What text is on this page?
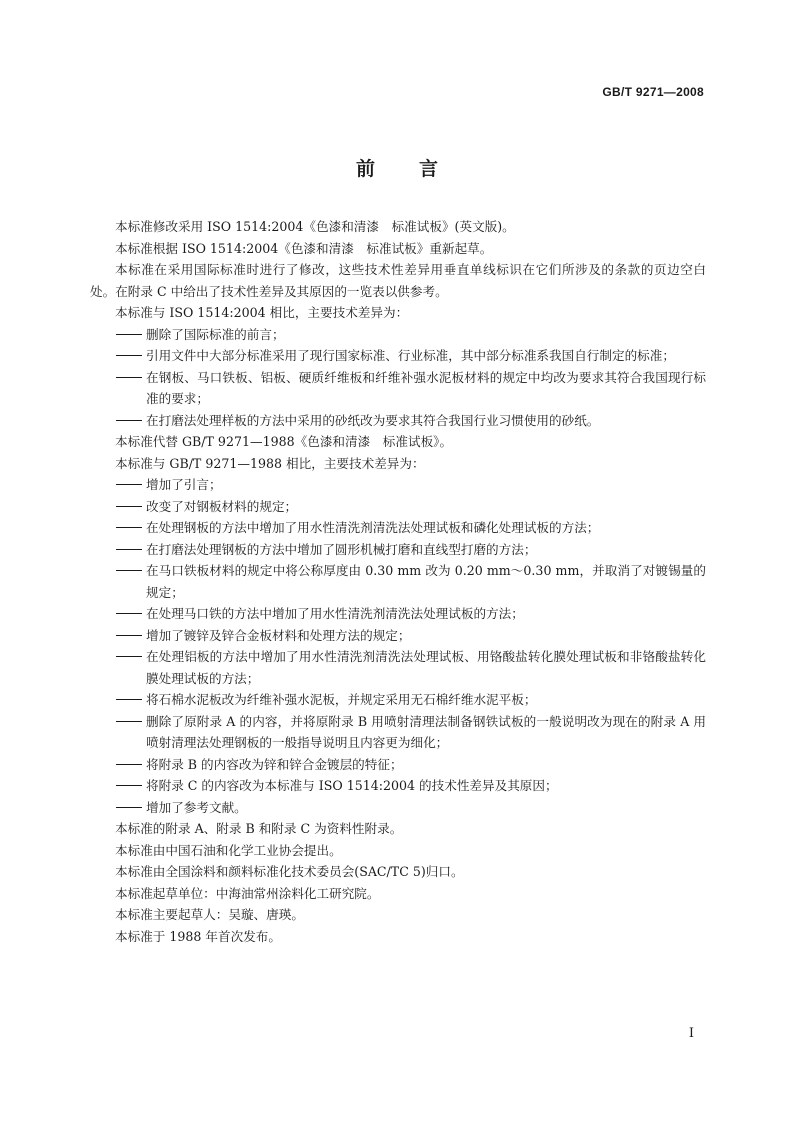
GB/T 9271—2008
前 言

本标准修改采用 ISO 1514:2004《色漆和清漆　标准试板》(英文版)。

本标准根据 ISO 1514:2004《色漆和清漆　标准试板》重新起草。

本标准在采用国际标准时进行了修改，这些技术性差异用垂直单线标识在它们所涉及的条款的页边空白处。在附录 C 中给出了技术性差异及其原因的一览表以供参考。

本标准与 ISO 1514:2004 相比，主要技术差异为：

删除了国际标准的前言；

引用文件中大部分标准采用了现行国家标准、行业标准，其中部分标准系我国自行制定的标准；

在钢板、马口铁板、铝板、硬质纤维板和纤维补强水泥板材料的规定中均改为要求其符合我国现行标准的要求；

在打磨法处理样板的方法中采用的砂纸改为要求其符合我国行业习惯使用的砂纸。

本标准代替 GB/T 9271—1988《色漆和清漆　标准试板》。

本标准与 GB/T 9271—1988 相比，主要技术差异为：

增加了引言；

改变了对钢板材料的规定；

在处理钢板的方法中增加了用水性清洗剂清洗法处理试板和磷化处理试板的方法；

在打磨法处理钢板的方法中增加了圆形机械打磨和直线型打磨的方法；

在马口铁板材料的规定中将公称厚度由 0.30 mm 改为 0.20 mm～0.30 mm，并取消了对镀锡量的规定；

在处理马口铁的方法中增加了用水性清洗剂清洗法处理试板的方法；

增加了镀锌及锌合金板材料和处理方法的规定；

在处理铝板的方法中增加了用水性清洗剂清洗法处理试板、用铬酸盐转化膜处理试板和非铬酸盐转化膜处理试板的方法；

将石棉水泥板改为纤维补强水泥板，并规定采用无石棉纤维水泥平板；

删除了原附录 A 的内容，并将原附录 B 用喷射清理法制备钢铁试板的一般说明改为现在的附录 A 用喷射清理法处理钢板的一般指导说明且内容更为细化；

将附录 B 的内容改为锌和锌合金镀层的特征；

将附录 C 的内容改为本标准与 ISO 1514:2004 的技术性差异及其原因；

增加了参考文献。

本标准的附录 A、附录 B 和附录 C 为资料性附录。

本标准由中国石油和化学工业协会提出。

本标准由全国涂料和颜料标准化技术委员会(SAC/TC 5)归口。

本标准起草单位：中海油常州涂料化工研究院。

本标准主要起草人：吴璇、唐瑛。

本标准于 1988 年首次发布。

I
